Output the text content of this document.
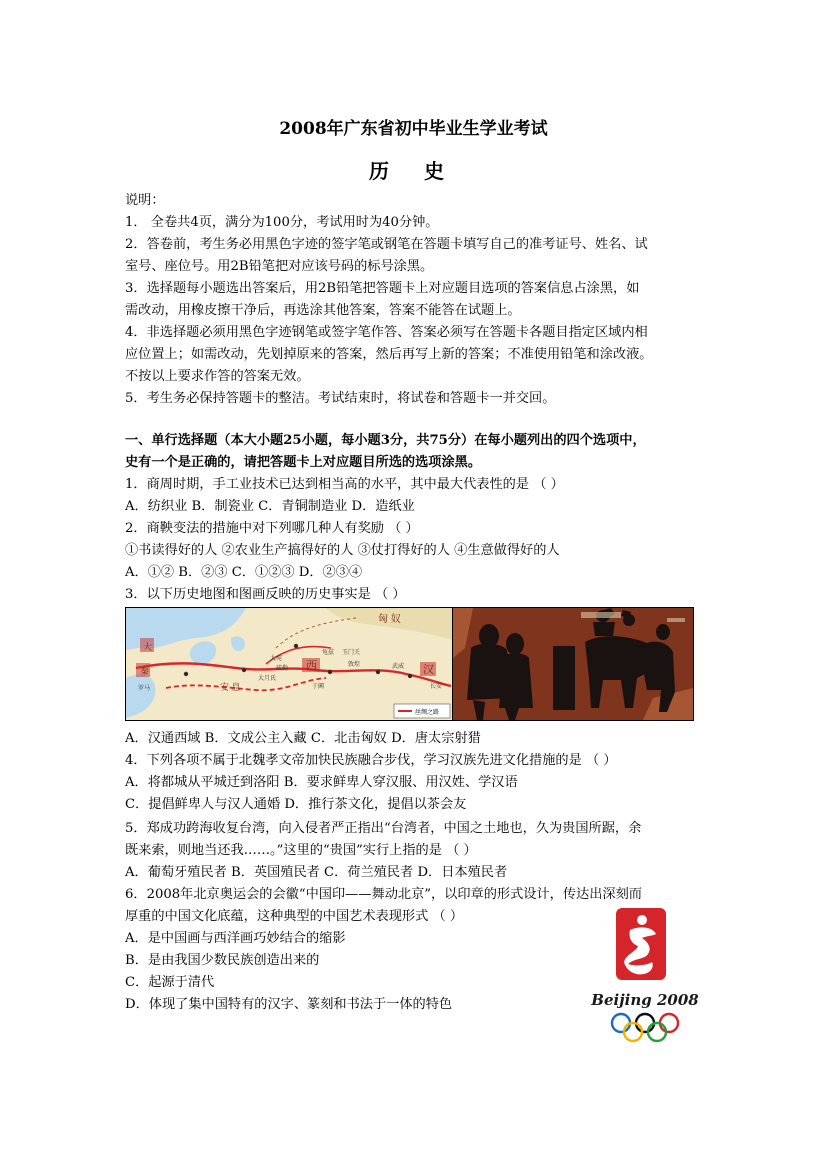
2008年广东省初中毕业生学业考试
历 史
说明：
1． 全卷共4页，满分为100分，考试用时为40分钟。
2．答卷前，考生务必用黑色字迹的签字笔或钢笔在答题卡填写自己的准考证号、姓名、试
室号、座位号。用2B铅笔把对应该号码的标号涂黑。
3．选择题每小题选出答案后，用2B铅笔把答题卡上对应题目选项的答案信息占涂黑，如
需改动，用橡皮擦干净后，再选涂其他答案，答案不能答在试题上。
4．非选择题必须用黑色字迹钢笔或签字笔作答、答案必须写在答题卡各题目指定区域内相
应位置上；如需改动，先划掉原来的答案，然后再写上新的答案；不准使用铅笔和涂改液。
不按以上要求作答的答案无效。
5．考生务必保持答题卡的整洁。考试结束时，将试卷和答题卡一并交回。
一、单行选择题（本大小题25小题，每小题3分，共75分）在每小题列出的四个选项中，
史有一个是正确的，请把答题卡上对应题目所选的选项涂黑。
1．商周时期，手工业技术已达到相当高的水平，其中最大代表性的是 （ ）
A．纺织业 B．制瓷业 C．青铜制造业 D．造纸业
2．商鞅变法的措施中对下列哪几种人有奖励 （ ）
①书读得好的人 ②农业生产搞得好的人 ③仗打得好的人 ④生意做得好的人
A．①② B．②③ C．①②③ D．②③④
3．以下历史地图和图画反映的历史事实是 （ ）
匈 奴
大宛
大月氏
安 息
西	汉
长安
敦煌
玉门关
武威
罗马
疏勒
于阗
龟兹
秦
大
丝绸之路
A．汉通西域 B．文成公主入藏 C．北击匈奴 D．唐太宗射猎
4．下列各项不属于北魏孝文帝加快民族融合步伐，学习汉族先进文化措施的是 （ ）
A．将都城从平城迁到洛阳 B．要求鲜卑人穿汉服、用汉姓、学汉语
C．提倡鲜卑人与汉人通婚 D．推行茶文化，提倡以茶会友
5．郑成功跨海收复台湾，向入侵者严正指出“台湾者，中国之土地也，久为贵国所踞，余
既来索，则地当还我……。”这里的“贵国”实行上指的是 （ ）
A．葡萄牙殖民者 B．英国殖民者 C．荷兰殖民者 D．日本殖民者
6．2008年北京奥运会的会徽“中国印——舞动北京”，以印章的形式设计，传达出深刻而
厚重的中国文化底蕴，这种典型的中国艺术表现形式 （ ）
A．是中国画与西洋画巧妙结合的缩影
B．是由我国少数民族创造出来的
C．起源于清代
D．体现了集中国特有的汉字、篆刻和书法于一体的特色	Beijing 2008
